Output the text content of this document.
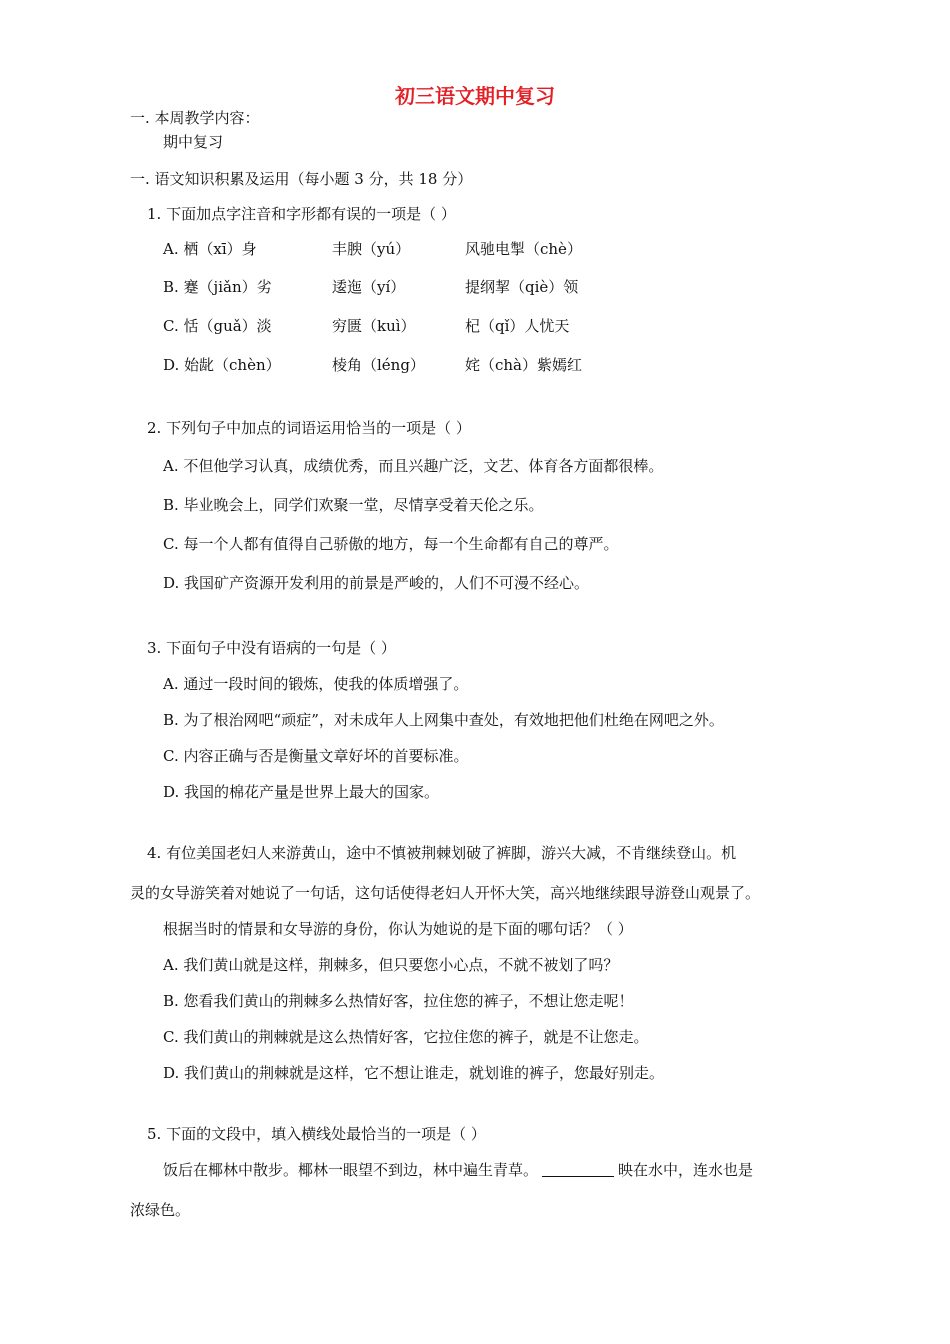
初三语文期中复习
一. 本周教学内容：
期中复习
一. 语文知识积累及运用（每小题 3 分，共 18 分）
1. 下面加点字注音和字形都有误的一项是（ ）
A. 栖（xī）身	丰腴（yú）	风驰电掣（chè）
B. 蹇（jiǎn）劣	逶迤（yí）	提纲挈（qiè）领
C. 恬（guǎ）淡	穷匮（kuì）	杞（qǐ）人忧天
D. 始龀（chèn）	棱角（léng）	姹（chà）紫嫣红
2. 下列句子中加点的词语运用恰当的一项是（ ）
A. 不但他学习认真，成绩优秀，而且兴趣广泛，文艺、体育各方面都很棒。
B. 毕业晚会上，同学们欢聚一堂，尽情享受着天伦之乐。
C. 每一个人都有值得自己骄傲的地方，每一个生命都有自己的尊严。
D. 我国矿产资源开发利用的前景是严峻的，人们不可漫不经心。
3. 下面句子中没有语病的一句是（ ）
A. 通过一段时间的锻炼，使我的体质增强了。
B. 为了根治网吧“顽症”，对未成年人上网集中查处，有效地把他们杜绝在网吧之外。
C. 内容正确与否是衡量文章好坏的首要标准。
D. 我国的棉花产量是世界上最大的国家。
4. 有位美国老妇人来游黄山，途中不慎被荆棘划破了裤脚，游兴大减，不肯继续登山。机
灵的女导游笑着对她说了一句话，这句话使得老妇人开怀大笑，高兴地继续跟导游登山观景了。
根据当时的情景和女导游的身份，你认为她说的是下面的哪句话？（ ）
A. 我们黄山就是这样，荆棘多，但只要您小心点，不就不被划了吗？
B. 您看我们黄山的荆棘多么热情好客，拉住您的裤子，不想让您走呢！
C. 我们黄山的荆棘就是这么热情好客，它拉住您的裤子，就是不让您走。
D. 我们黄山的荆棘就是这样，它不想让谁走，就划谁的裤子，您最好别走。
5. 下面的文段中，填入横线处最恰当的一项是（ ）
饭后在椰林中散步。椰林一眼望不到边，林中遍生青草。	映在水中，连水也是
浓绿色。
